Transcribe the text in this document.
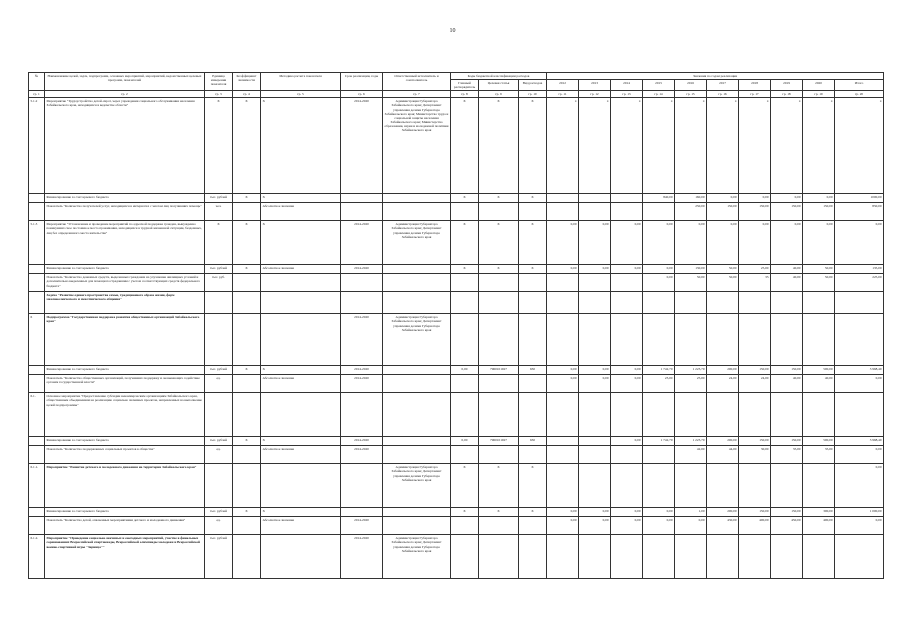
10
№	Наименование целей, задач, подпрограмм, основных мероприятий, мероприятий, ведомственных целевых программ, показателей	Единица измерения показателя	Коэффициент значимости	Методика расчета показателя	Срок реализации, годы	Ответственный исполнитель и соисполнитель	Коды бюджетной классификации расходов			Значения по годам реализации									
							Главный распорядитель	Целевая статья	Вид расходов	2012	2013	2014	2015	2016	2017	2018	2019	2020	Итого
гр. 1	гр. 2	гр. 3	гр. 4	гр. 5	гр. 6	гр. 7	гр. 8	гр. 9	гр. 10	гр. 11	гр. 12	гр. 13	гр. 14	гр. 15	гр. 16	гр. 17	гр. 18	гр. 19	гр. 20
5.1.2	Мероприятие "Трудоустройство детей-сирот, через учреждения социального обслуживания населения Забайкальского края, находящихся в ведомстве области"	Х	Х	Х	2014-2020	Администрация Губернатора Забайкальского края; Департамент управления делами Губернатора Забайкальского края; Министерство труда и социальной защиты населения Забайкальского края; Министерство образования, науки и молодежной политики Забайкальского края	Х	Х	Х	х	х	х	х	х	х	х	х	х	х
	Финансирование за счет краевого бюджета	тыс. рублей	Х	Х			Х	Х	Х				840,00	160,00	0,00	0,00	0,00	0,00	1000,00
	Показатель "Количество получателей услуг, находящихся в интернатах с числом лиц получивших помощь"	чел.		Абсолютное значение										250,00	150,00	150,00	150,00	150,00	850,00
5.1.3	Мероприятие "Установление и проведение мероприятий по адресной поддержке граждан, вынужденно покинувших свое постоянное место проживания, находящихся в трудной жизненной ситуации, бездомных, лиц без определенного места жительства"	Х	Х	Х	2014-2020	Администрация Губернатора Забайкальского края; Департамент управления делами Губернатора Забайкальского края	Х	Х	Х	0,00	0,00	0,00	0,00	0,00	0,00	0,00	0,00	0,00	0,00
	Финансирование за счет краевого бюджета	тыс. рублей	Х	Абсолютное значение	2014-2020		Х	Х	Х	0,00	0,00	0,00	0,00	130,00	50,00	25,00	40,00	50,00	135,00
	Показатель "Количество денежных средств, выделенных гражданам на улучшение жилищных условий и дополнительно выделенных для помощи пострадавшим с учетом соответствующих средств федерального бюджета"	тыс. руб.											0,00	50,00	50,00	35	40,00	50,00	225,00
	Задача "Развитие единого пространства семьи, традиционного образа жизни, форм межпоколенческого и межэтнического общения"																		
6	Подпрограмма "Государственная поддержка развития общественных организаций Забайкальского края"				2014-2020	Администрация Губернатора Забайкальского края; Департамент управления делами Губернатора Забайкальского края													
	Финансирование за счет краевого бюджета	тыс. рублей	Х	Х	2014-2020		0,00	7960101927	630	0,00	0,00	0,00	1 742,70	1 223,70	200,00	150,00	150,00	500,00	3 968,40
	Показатель "Количество общественных организаций, получивших поддержку и оказывающих содействие органам государственной власти"	ед.		Абсолютное значение	2014-2020					0,00	0,00	0,00	23,00	25,00	24,00	24,00	40,00	40,00	0,00
6.1.	Основное мероприятие "Предоставление субсидии некоммерческим организациям Забайкальского края, общественным объединениям на реализацию социально значимых проектов, направленных на выполнение целей подпрограммы"																		
	Финансирование за счет краевого бюджета	тыс. рублей	Х	Х	2014-2020		0,00	7960101927	630			0,00	1 742,70	1 223,70	200,00	150,00	150,00	500,00	3 968,40
	Показатель "Количество поддержанных социальных проектов в обществе"	ед.		Абсолютное значение	2014-2020									42,00	44,00	30,00	35,00	35,00	0,00
6.1.1.	Мероприятие "Развитие детского и молодежного движения на территории Забайкальского края"					Администрация Губернатора Забайкальского края; Департамент управления делами Губернатора Забайкальского края	Х	Х	Х										0,00
	Финансирование за счет краевого бюджета	тыс. рублей	Х	Х			Х	Х	Х	0,00	0,00	0,00	0,00	1,00	200,00	150,00	150,00	300,00	1 000,00
	Показатель "Количество детей, охваченных мероприятиями детского и молодежного движения"	ед.		Абсолютное значение	2014-2020					0,00	0,00	0,00	0,00	0,00	430,00	400,00	450,00	400,00	0,00
6.1.2.	Мероприятие "Проведение социально значимых и ежегодных мероприятий, участие в финальных соревнованиях Всероссийской спартакиады, Всероссийской олимпиады молодежи и Всероссийской военно-спортивной игры "Зарница""	тыс. рублей			2014-2020	Администрация Губернатора Забайкальского края; Департамент управления делами Губернатора Забайкальского края													
